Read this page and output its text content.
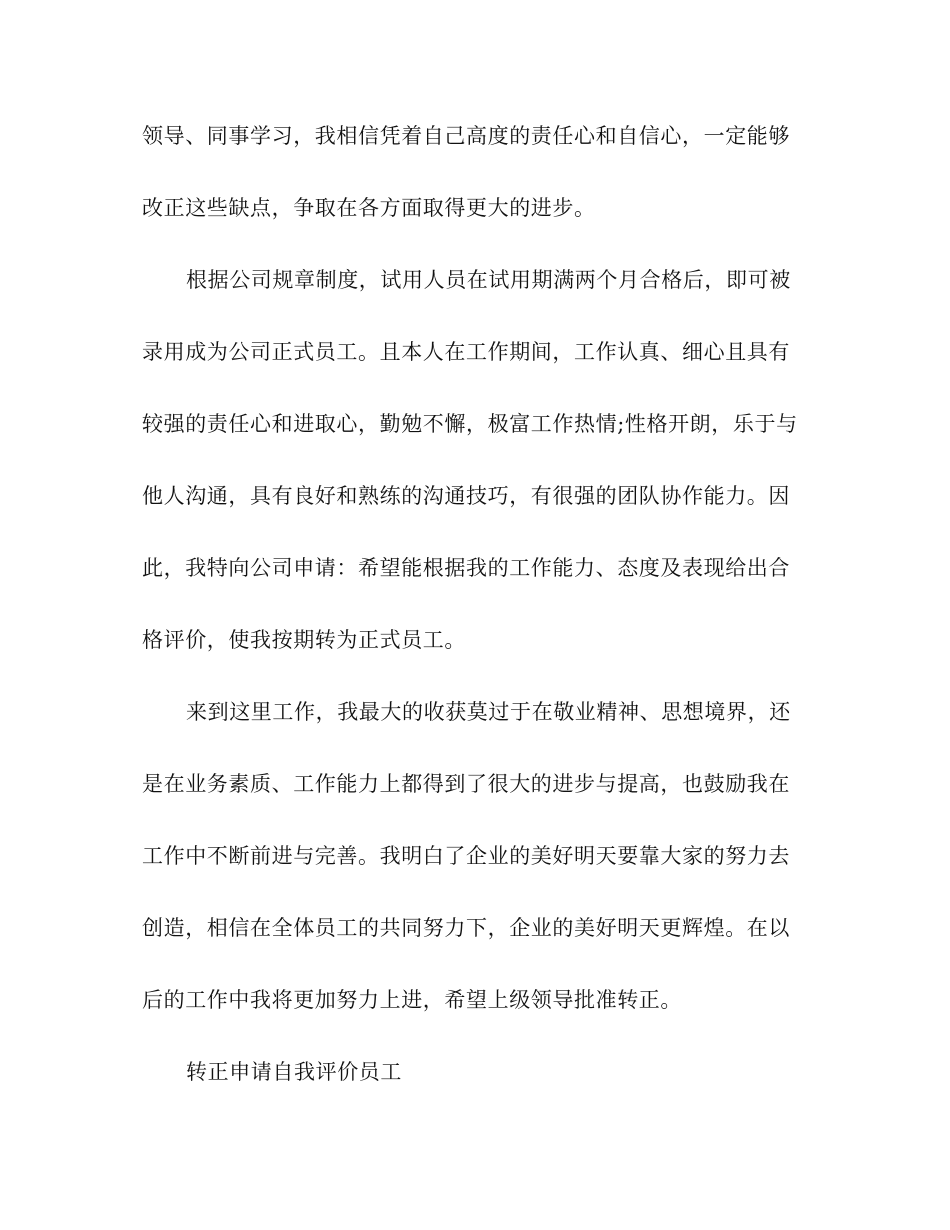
领导、同事学习，我相信凭着自己高度的责任心和自信心，一定能够
改正这些缺点，争取在各方面取得更大的进步。
根据公司规章制度，试用人员在试用期满两个月合格后，即可被
录用成为公司正式员工。且本人在工作期间，工作认真、细心且具有
较强的责任心和进取心，勤勉不懈，极富工作热情;性格开朗，乐于与
他人沟通，具有良好和熟练的沟通技巧，有很强的团队协作能力。因
此，我特向公司申请：希望能根据我的工作能力、态度及表现给出合
格评价，使我按期转为正式员工。
来到这里工作，我最大的收获莫过于在敬业精神、思想境界，还
是在业务素质、工作能力上都得到了很大的进步与提高，也鼓励我在
工作中不断前进与完善。我明白了企业的美好明天要靠大家的努力去
创造，相信在全体员工的共同努力下，企业的美好明天更辉煌。在以
后的工作中我将更加努力上进，希望上级领导批准转正。
转正申请自我评价员工
